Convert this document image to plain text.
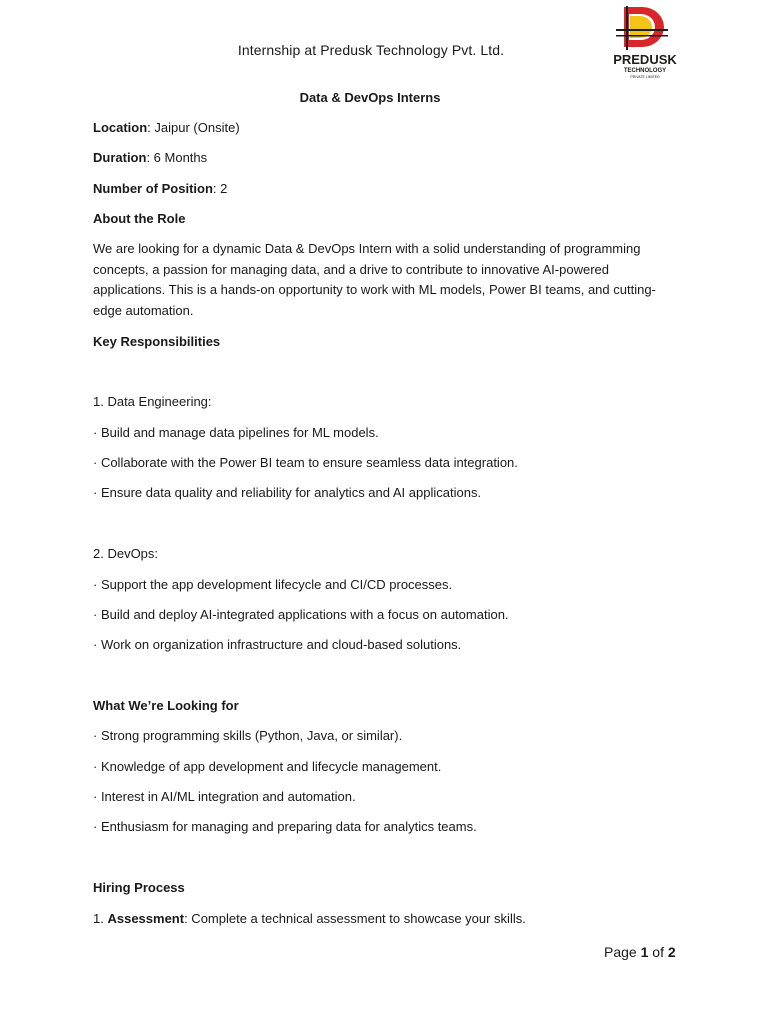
Internship at Predusk Technology Pvt. Ltd.
PREDUSK
TECHNOLOGY
PRIVATE LIMITED
Data & DevOps Interns
Location: Jaipur (Onsite)
Duration: 6 Months
Number of Position: 2
About the Role
We are looking for a dynamic Data & DevOps Intern with a solid understanding of programming concepts, a passion for managing data, and a drive to contribute to innovative AI-powered applications. This is a hands-on opportunity to work with ML models, Power BI teams, and cutting-edge automation.
Key Responsibilities
1. Data Engineering:
· Build and manage data pipelines for ML models.
· Collaborate with the Power BI team to ensure seamless data integration.
· Ensure data quality and reliability for analytics and AI applications.
2. DevOps:
· Support the app development lifecycle and CI/CD processes.
· Build and deploy AI-integrated applications with a focus on automation.
· Work on organization infrastructure and cloud-based solutions.
What We’re Looking for
· Strong programming skills (Python, Java, or similar).
· Knowledge of app development and lifecycle management.
· Interest in AI/ML integration and automation.
· Enthusiasm for managing and preparing data for analytics teams.
Hiring Process
1. Assessment: Complete a technical assessment to showcase your skills.
Page 1 of 2
